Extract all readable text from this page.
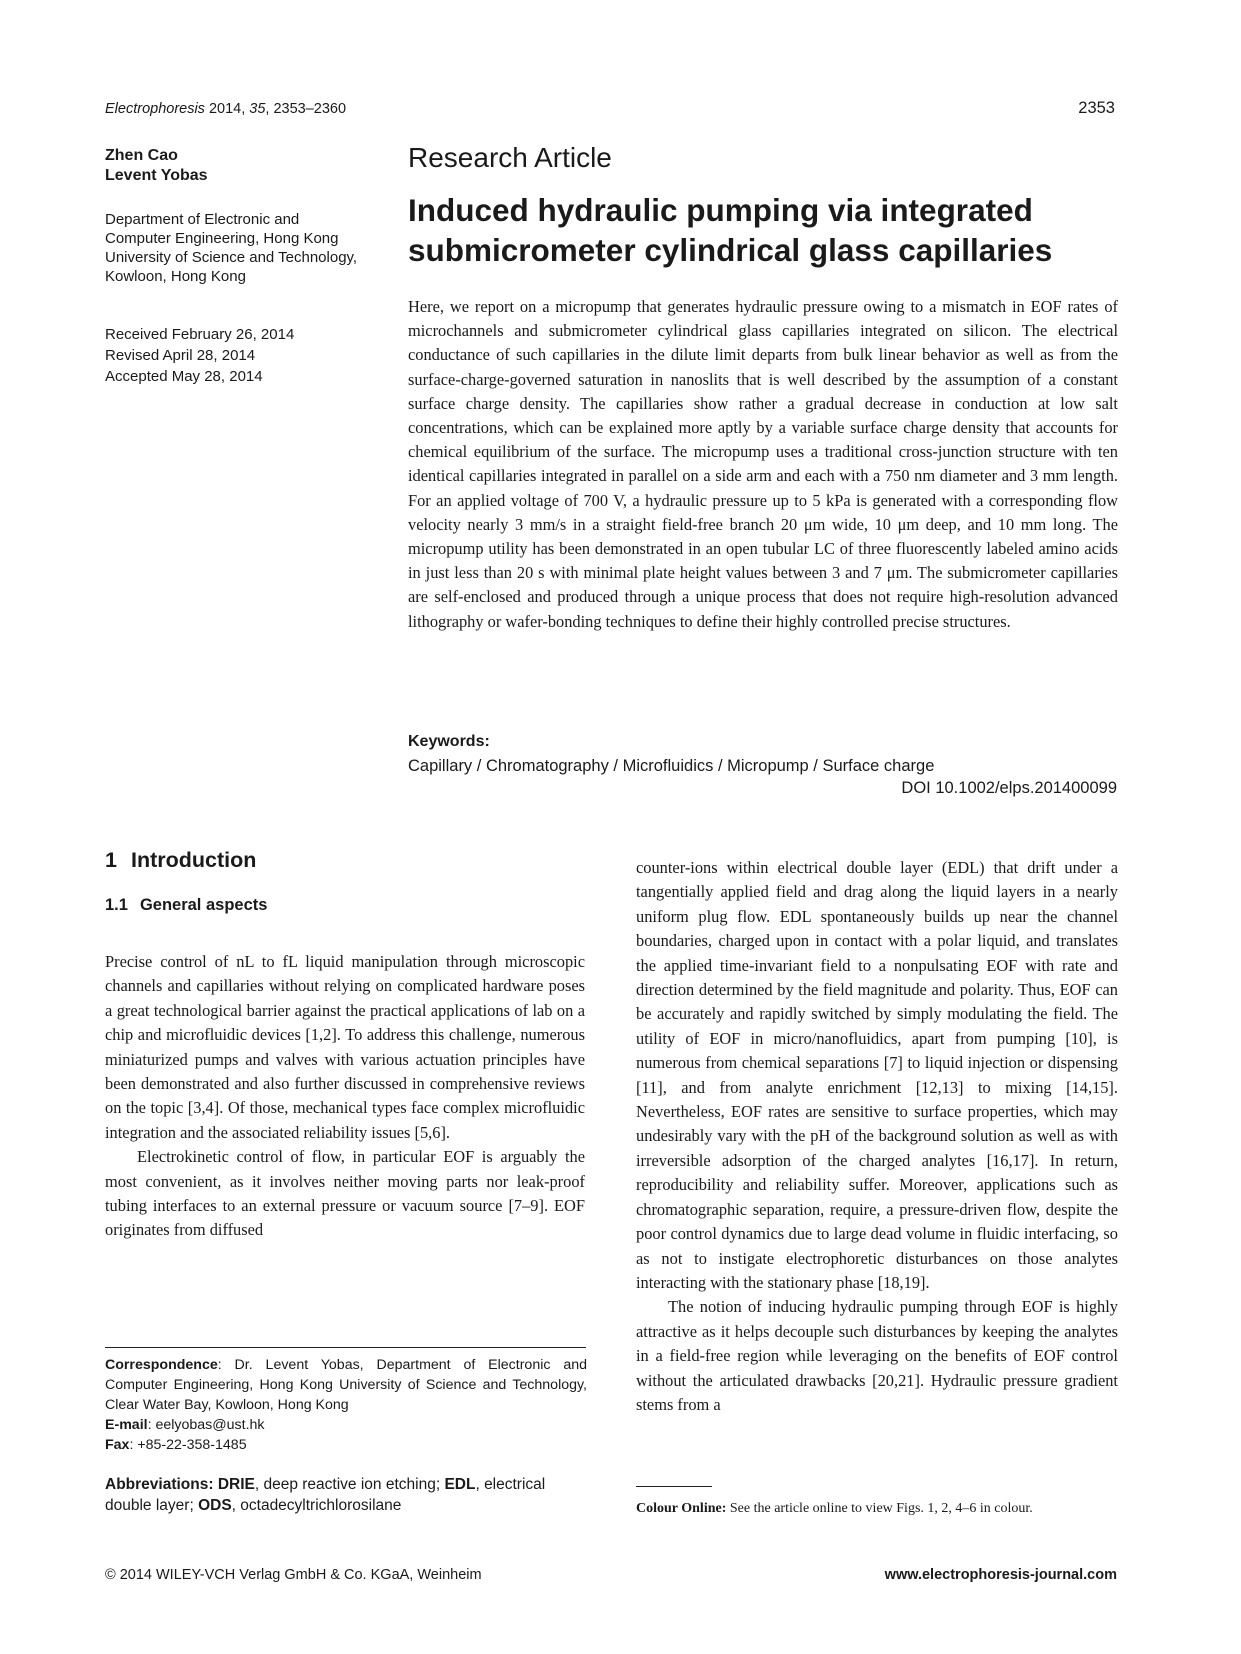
Electrophoresis 2014, 35, 2353–2360	2353
Zhen Cao
Levent Yobas
Department of Electronic and Computer Engineering, Hong Kong University of Science and Technology, Kowloon, Hong Kong
Received February 26, 2014
Revised April 28, 2014
Accepted May 28, 2014
Research Article
Induced hydraulic pumping via integrated submicrometer cylindrical glass capillaries
Here, we report on a micropump that generates hydraulic pressure owing to a mismatch in EOF rates of microchannels and submicrometer cylindrical glass capillaries integrated on silicon. The electrical conductance of such capillaries in the dilute limit departs from bulk linear behavior as well as from the surface-charge-governed saturation in nanoslits that is well described by the assumption of a constant surface charge density. The capillaries show rather a gradual decrease in conduction at low salt concentrations, which can be explained more aptly by a variable surface charge density that accounts for chemical equilibrium of the surface. The micropump uses a traditional cross-junction structure with ten identical capillaries integrated in parallel on a side arm and each with a 750 nm diameter and 3 mm length. For an applied voltage of 700 V, a hydraulic pressure up to 5 kPa is generated with a corresponding flow velocity nearly 3 mm/s in a straight field-free branch 20 μm wide, 10 μm deep, and 10 mm long. The micropump utility has been demonstrated in an open tubular LC of three fluorescently labeled amino acids in just less than 20 s with minimal plate height values between 3 and 7 μm. The submicrometer capillaries are self-enclosed and produced through a unique process that does not require high-resolution advanced lithography or wafer-bonding techniques to define their highly controlled precise structures.
Keywords:
Capillary / Chromatography / Microfluidics / Micropump / Surface charge
DOI 10.1002/elps.201400099
1 Introduction
1.1 General aspects

Precise control of nL to fL liquid manipulation through microscopic channels and capillaries without relying on complicated hardware poses a great technological barrier against the practical applications of lab on a chip and microfluidic devices [1,2]. To address this challenge, numerous miniaturized pumps and valves with various actuation principles have been demonstrated and also further discussed in comprehensive reviews on the topic [3,4]. Of those, mechanical types face complex microfluidic integration and the associated reliability issues [5,6].

Electrokinetic control of flow, in particular EOF is arguably the most convenient, as it involves neither moving parts nor leak-proof tubing interfaces to an external pressure or vacuum source [7–9]. EOF originates from diffused

counter-ions within electrical double layer (EDL) that drift under a tangentially applied field and drag along the liquid layers in a nearly uniform plug flow. EDL spontaneously builds up near the channel boundaries, charged upon in contact with a polar liquid, and translates the applied time-invariant field to a nonpulsating EOF with rate and direction determined by the field magnitude and polarity. Thus, EOF can be accurately and rapidly switched by simply modulating the field. The utility of EOF in micro/nanofluidics, apart from pumping [10], is numerous from chemical separations [7] to liquid injection or dispensing [11], and from analyte enrichment [12,13] to mixing [14,15]. Nevertheless, EOF rates are sensitive to surface properties, which may undesirably vary with the pH of the background solution as well as with irreversible adsorption of the charged analytes [16,17]. In return, reproducibility and reliability suffer. Moreover, applications such as chromatographic separation, require, a pressure-driven flow, despite the poor control dynamics due to large dead volume in fluidic interfacing, so as not to instigate electrophoretic disturbances on those analytes interacting with the stationary phase [18,19].

The notion of inducing hydraulic pumping through EOF is highly attractive as it helps decouple such disturbances by keeping the analytes in a field-free region while leveraging on the benefits of EOF control without the articulated drawbacks [20,21]. Hydraulic pressure gradient stems from a

Correspondence: Dr. Levent Yobas, Department of Electronic and Computer Engineering, Hong Kong University of Science and Technology, Clear Water Bay, Kowloon, Hong Kong
E-mail: eelyobas@ust.hk
Fax: +85-22-358-1485
Abbreviations: DRIE, deep reactive ion etching; EDL, electrical double layer; ODS, octadecyltrichlorosilane	Colour Online: See the article online to view Figs. 1, 2, 4–6 in colour.
© 2014 WILEY-VCH Verlag GmbH & Co. KGaA, Weinheim	www.electrophoresis-journal.com
